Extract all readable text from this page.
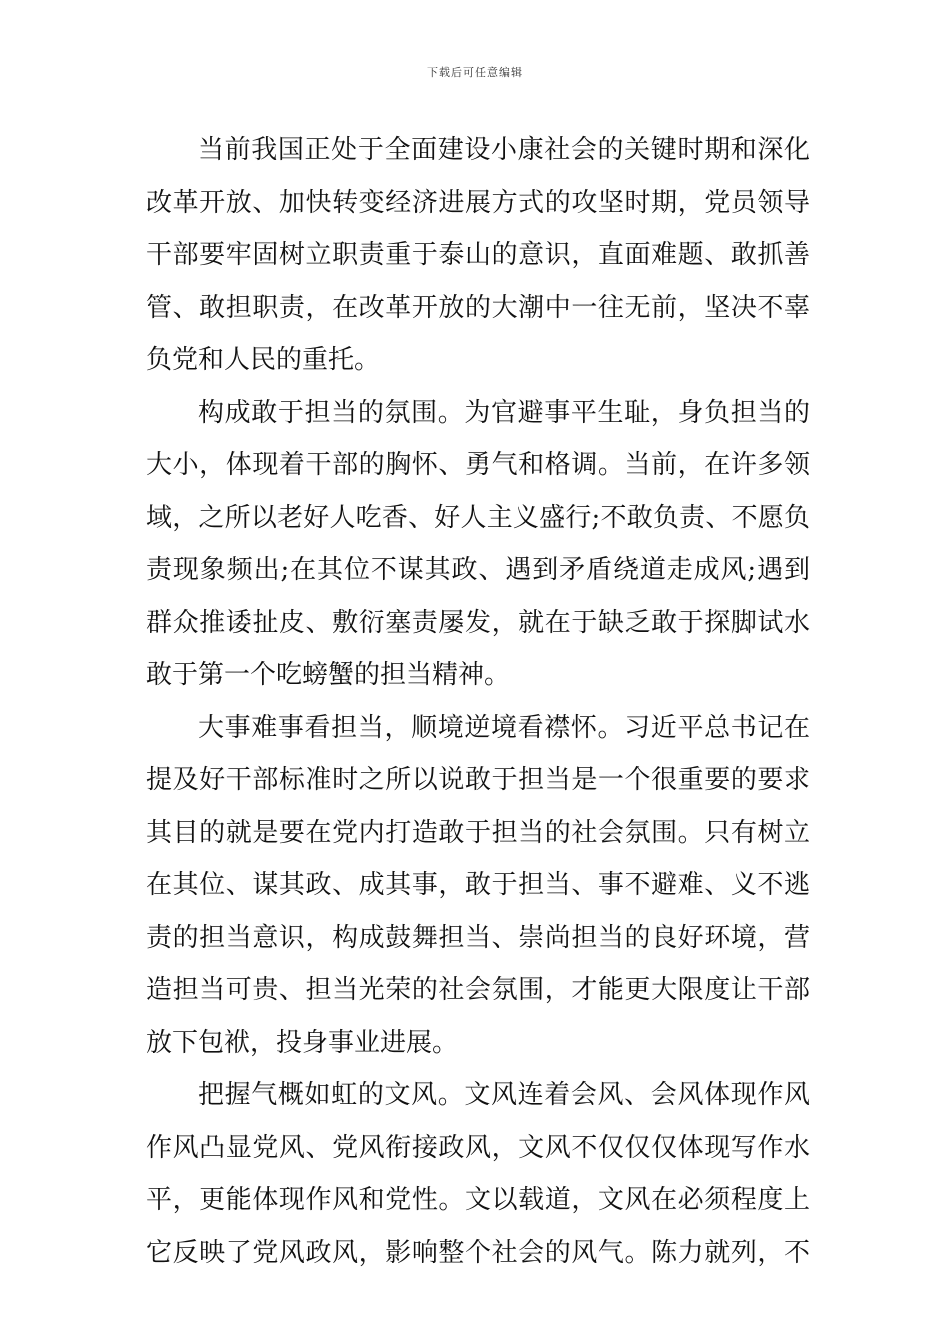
下载后可任意编辑

当前我国正处于全面建设小康社会的关键时期和深化
改革开放、加快转变经济进展方式的攻坚时期，党员领导
干部要牢固树立职责重于泰山的意识，直面难题、敢抓善
管、敢担职责，在改革开放的大潮中一往无前，坚决不辜
负党和人民的重托。

构成敢于担当的氛围。为官避事平生耻，身负担当的
大小，体现着干部的胸怀、勇气和格调。当前，在许多领
域，之所以老好人吃香、好人主义盛行;不敢负责、不愿负
责现象频出;在其位不谋其政、遇到矛盾绕道走成风;遇到
群众推诿扯皮、敷衍塞责屡发，就在于缺乏敢于探脚试水
敢于第一个吃螃蟹的担当精神。

大事难事看担当，顺境逆境看襟怀。习近平总书记在
提及好干部标准时之所以说敢于担当是一个很重要的要求
其目的就是要在党内打造敢于担当的社会氛围。只有树立
在其位、谋其政、成其事，敢于担当、事不避难、义不逃
责的担当意识，构成鼓舞担当、崇尚担当的良好环境，营
造担当可贵、担当光荣的社会氛围，才能更大限度让干部
放下包袱，投身事业进展。

把握气概如虹的文风。文风连着会风、会风体现作风
作风凸显党风、党风衔接政风，文风不仅仅仅体现写作水
平，更能体现作风和党性。文以载道，文风在必须程度上
它反映了党风政风，影响整个社会的风气。陈力就列，不
